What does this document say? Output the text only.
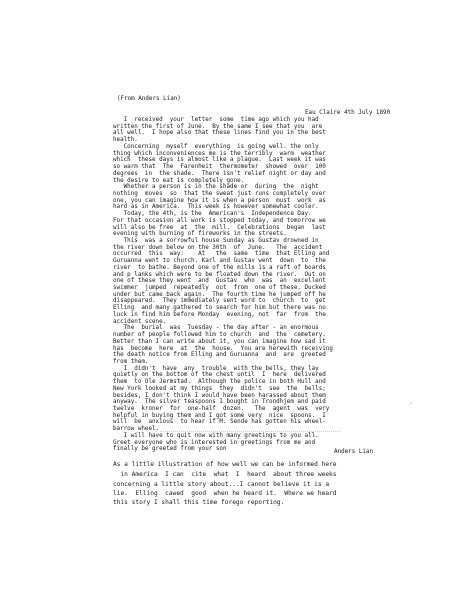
(From Anders Lian)
Eau Claire 4th July 1890
I  received  your  letter  some  time ago which you had
written the first of June.  By the same I see that you  are
all well.  I hope also that these lines find you in the best
health.
Concerning  myself  everything  is going well. the only
thing which inconveniences me is the terribly  warm  weather
which  these days is almost like a plague.  Last week it was
so warm that  The  Farenheit  thermometer  showed  over  100
degrees  in  the shade.  There isn't relief night or day and
the desire to eat is completely gone.
Whether a person is in the shade or  during  the  night
nothing  moves  so  that the sweat just runs completely over
one, you can imagine how it is when a person  must  work  as
hard as in America.  This week is however somewhat cooler.
Today, the 4th, is the  American's  Independence Day.
For that occasion all work is stopped today, and tomorrow we
will also be free  at  the  mill.  Celebrations  began  last
evening with burning of fireworks in the streets.
This  was a sorrowful house Sunday as Gustav drowned in
the river down below on the 30th  of  June.   The  accident
occurred  this  way:    At   the  same  time  that Elling and
Guruanna went to church. Karl and Gustav went  down  to  the
river  to bathe. Beyond one of the mills is a raft of boards
and p lanks which were to be floated down the river.  Out on
one of these they went  and  Gustav  who  was  an  excellent
swimmer  jumped  repeatedly  out  from  one of these. Ducked
under but came back again.  The fourth time he jumped off he
disappeared.  They immediately sent word to  church  to  get
Elling  and many gathered to search for him but there was no
luck in find him before Monday  evening, not  far  from  the
accident scene.
The  burial  was  Tuesday - the day after - an enormous
number of people followed him to church  and  the  cemetery.
Better than I can write about it, you can imagine how sad it
has  become  here  at  the  house.  You are herewith receiving
the death notice from Elling and Guruanna  and  are  greeted
from them.
I  didn't  have  any  trouble  with the bells, they lay
quietly on the bottom of the chest until  I  here  delivered
them  to Ole Jermstad.  Although the police in both Hull and
New York looked at my things  they  didn't  see  the  bells;
besides, I don't think I would have been harassed about them
anyway.  The silver teaspoons I bought in Trondhjem and paid
twelve  kroner  for  one-half  dozen.   The  agent  was  very
helpful in buying them and I got some very  nice  spoons.  I
will  be  anxious  to hear if M. Sende has gotten his wheel-
barrow wheel.
I will have to quit now with many greetings to you all.
Greet everyone who is interested in greetings from me and
finally be greeted from your son	Anders Lian
As a little illustration of how well we can be informed here
in America  I can  cite  what  I  heard  about three weeks
concerning a little story about...I cannot believe it is a
lie.  Elling  cawed  good  when he heard it.  Where we heard
this story I shall this time forego reporting.
